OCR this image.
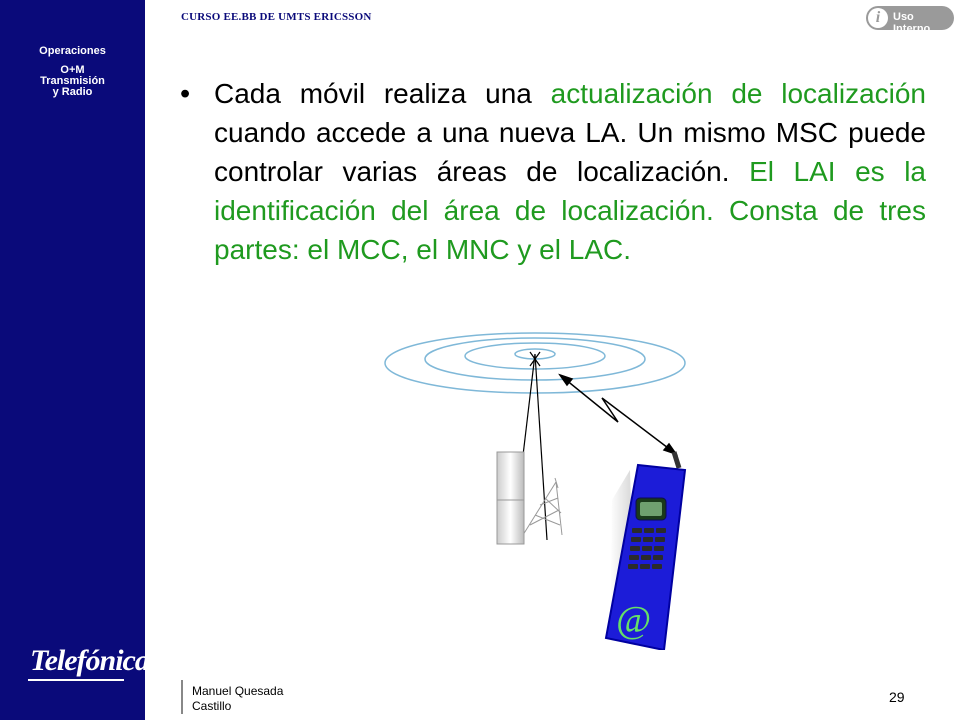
Operaciones
O+M
Transmisión
y Radio
Telefónica
CURSO EE.BB DE UMTS ERICSSON	i	Uso Interno
• Cada móvil realiza una actualización de localización cuando accede a una nueva LA. Un mismo MSC puede controlar varias áreas de localización. El LAI es la identificación del área de localización. Consta de tres partes: el MCC, el MNC y el LAC.
@
Manuel Quesada
Castillo
29
